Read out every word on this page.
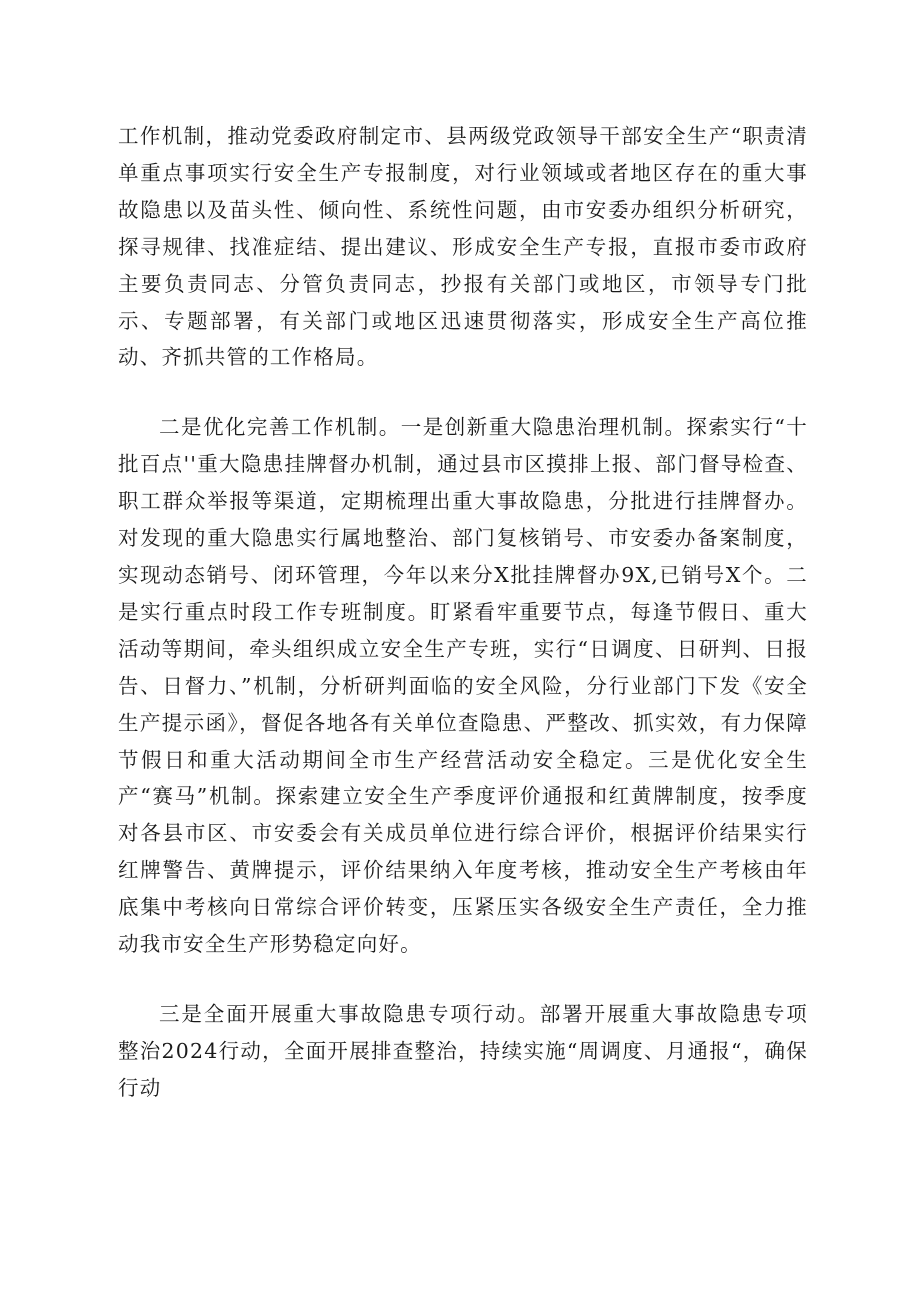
工作机制，推动党委政府制定市、县两级党政领导干部安全生产“职责清单重点事项实行安全生产专报制度，对行业领域或者地区存在的重大事故隐患以及苗头性、倾向性、系统性问题，由市安委办组织分析研究，探寻规律、找准症结、提出建议、形成安全生产专报，直报市委市政府主要负责同志、分管负责同志，抄报有关部门或地区，市领导专门批示、专题部署，有关部门或地区迅速贯彻落实，形成安全生产高位推动、齐抓共管的工作格局。

二是优化完善工作机制。一是创新重大隐患治理机制。探索实行“十批百点''重大隐患挂牌督办机制，通过县市区摸排上报、部门督导检查、职工群众举报等渠道，定期梳理出重大事故隐患，分批进行挂牌督办。对发现的重大隐患实行属地整治、部门复核销号、市安委办备案制度，实现动态销号、闭环管理，今年以来分X批挂牌督办9X,已销号X个。二是实行重点时段工作专班制度。盯紧看牢重要节点，每逢节假日、重大活动等期间，牵头组织成立安全生产专班，实行“日调度、日研判、日报告、日督力、”机制，分析研判面临的安全风险，分行业部门下发《安全生产提示函》，督促各地各有关单位查隐患、严整改、抓实效，有力保障节假日和重大活动期间全市生产经营活动安全稳定。三是优化安全生产“赛马”机制。探索建立安全生产季度评价通报和红黄牌制度，按季度对各县市区、市安委会有关成员单位进行综合评价，根据评价结果实行红牌警告、黄牌提示，评价结果纳入年度考核，推动安全生产考核由年底集中考核向日常综合评价转变，压紧压实各级安全生产责任，全力推动我市安全生产形势稳定向好。

三是全面开展重大事故隐患专项行动。部署开展重大事故隐患专项整治2024行动，全面开展排查整治，持续实施“周调度、月通报“，确保行动
